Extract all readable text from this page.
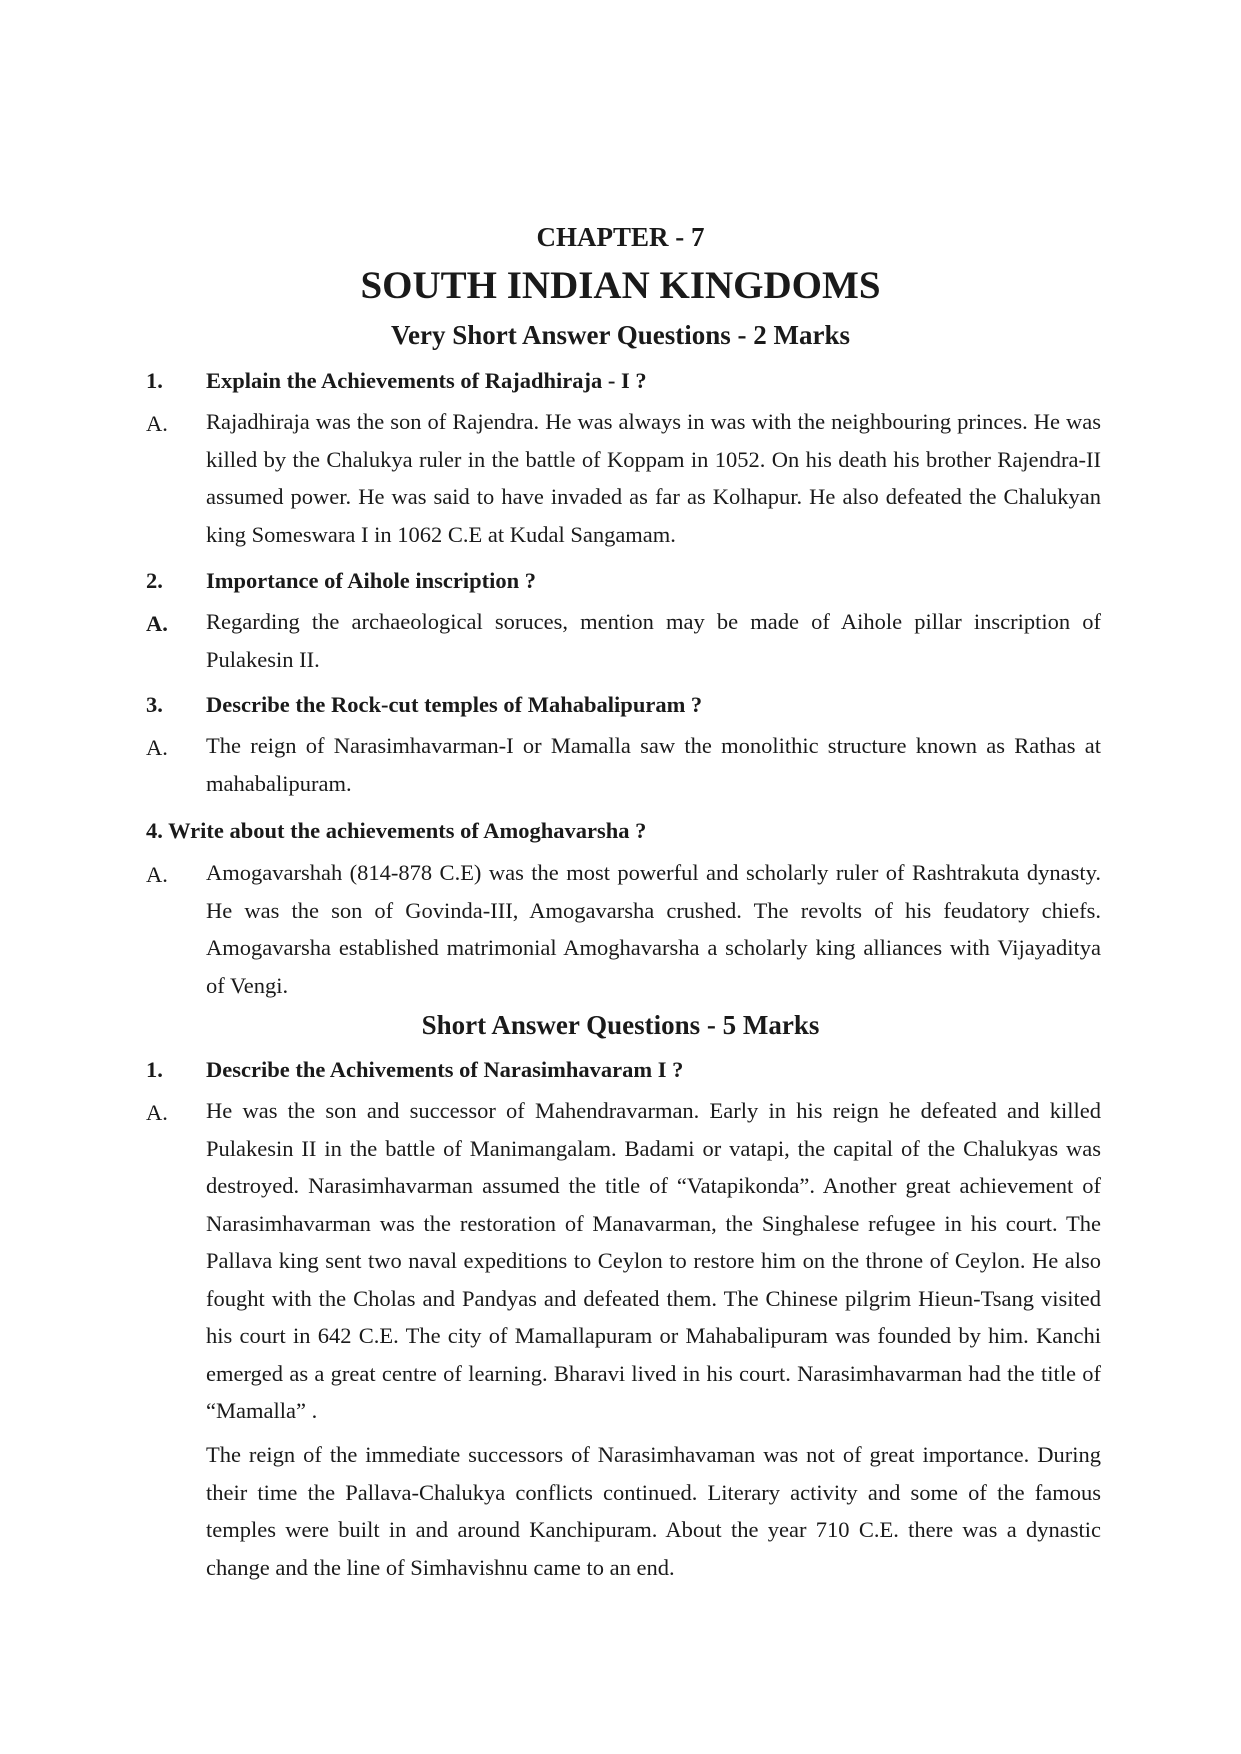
CHAPTER - 7
SOUTH INDIAN KINGDOMS
Very Short Answer Questions - 2 Marks
1. Explain the Achievements of Rajadhiraja - I ?
A. Rajadhiraja was the son of Rajendra. He was always in was with the neighbouring princes. He was killed by the Chalukya ruler in the battle of Koppam in 1052. On his death his brother Rajendra-II assumed power. He was said to have invaded as far as Kolhapur. He also defeated the Chalukyan king Someswara I in 1062 C.E at Kudal Sangamam.
2. Importance of Aihole inscription ?
A. Regarding the archaeological soruces, mention may be made of Aihole pillar inscription of Pulakesin II.
3. Describe the Rock-cut temples of Mahabalipuram ?
A. The reign of Narasimhavarman-I or Mamalla saw the monolithic structure known as Rathas at mahabalipuram.
4. Write about the achievements of Amoghavarsha ?
A. Amogavarshah (814-878 C.E) was the most powerful and scholarly ruler of Rashtrakuta dynasty. He was the son of Govinda-III, Amogavarsha crushed. The revolts of his feudatory chiefs. Amogavarsha established matrimonial Amoghavarsha a scholarly king alliances with Vijayaditya of Vengi.
Short Answer Questions - 5 Marks
1. Describe the Achivements of Narasimhavaram I ?
A. He was the son and successor of Mahendravarman. Early in his reign he defeated and killed Pulakesin II in the battle of Manimangalam. Badami or vatapi, the capital of the Chalukyas was destroyed. Narasimhavarman assumed the title of “Vatapikonda”. Another great achievement of Narasimhavarman was the restoration of Manavarman, the Singhalese refugee in his court. The Pallava king sent two naval expeditions to Ceylon to restore him on the throne of Ceylon. He also fought with the Cholas and Pandyas and defeated them. The Chinese pilgrim Hieun-Tsang visited his court in 642 C.E. The city of Mamallapuram or Mahabalipuram was founded by him. Kanchi emerged as a great centre of learning. Bharavi lived in his court. Narasimhavarman had the title of “Mamalla” .
The reign of the immediate successors of Narasimhavaman was not of great importance. During their time the Pallava-Chalukya conflicts continued. Literary activity and some of the famous temples were built in and around Kanchipuram. About the year 710 C.E. there was a dynastic change and the line of Simhavishnu came to an end.
